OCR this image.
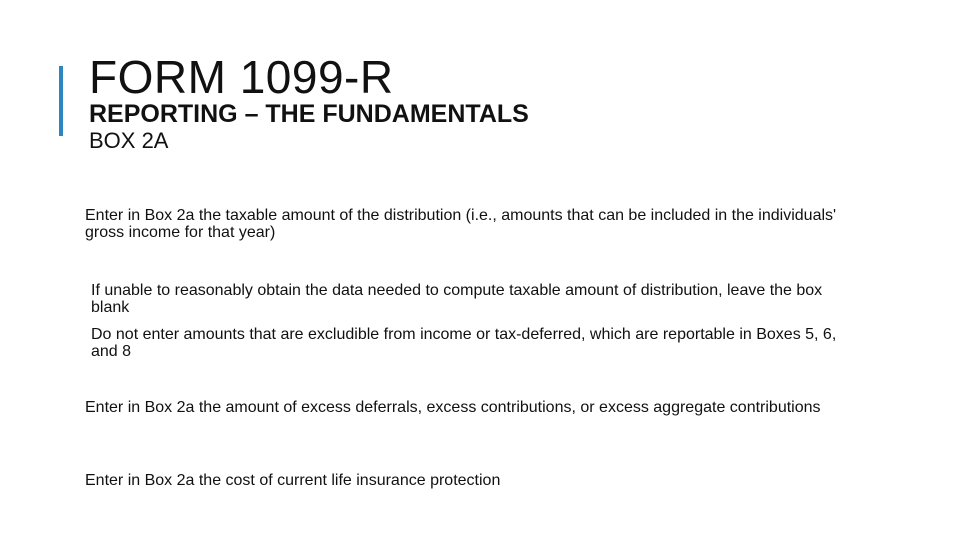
FORM 1099-R
REPORTING – THE FUNDAMENTALS
BOX 2A

Enter in Box 2a the taxable amount of the distribution (i.e., amounts that can be included in the individuals' gross income for that year)

If unable to reasonably obtain the data needed to compute taxable amount of distribution, leave the box blank

Do not enter amounts that are excludible from income or tax-deferred, which are reportable in Boxes 5, 6, and 8

Enter in Box 2a the amount of excess deferrals, excess contributions, or excess aggregate contributions

Enter in Box 2a the cost of current life insurance protection
